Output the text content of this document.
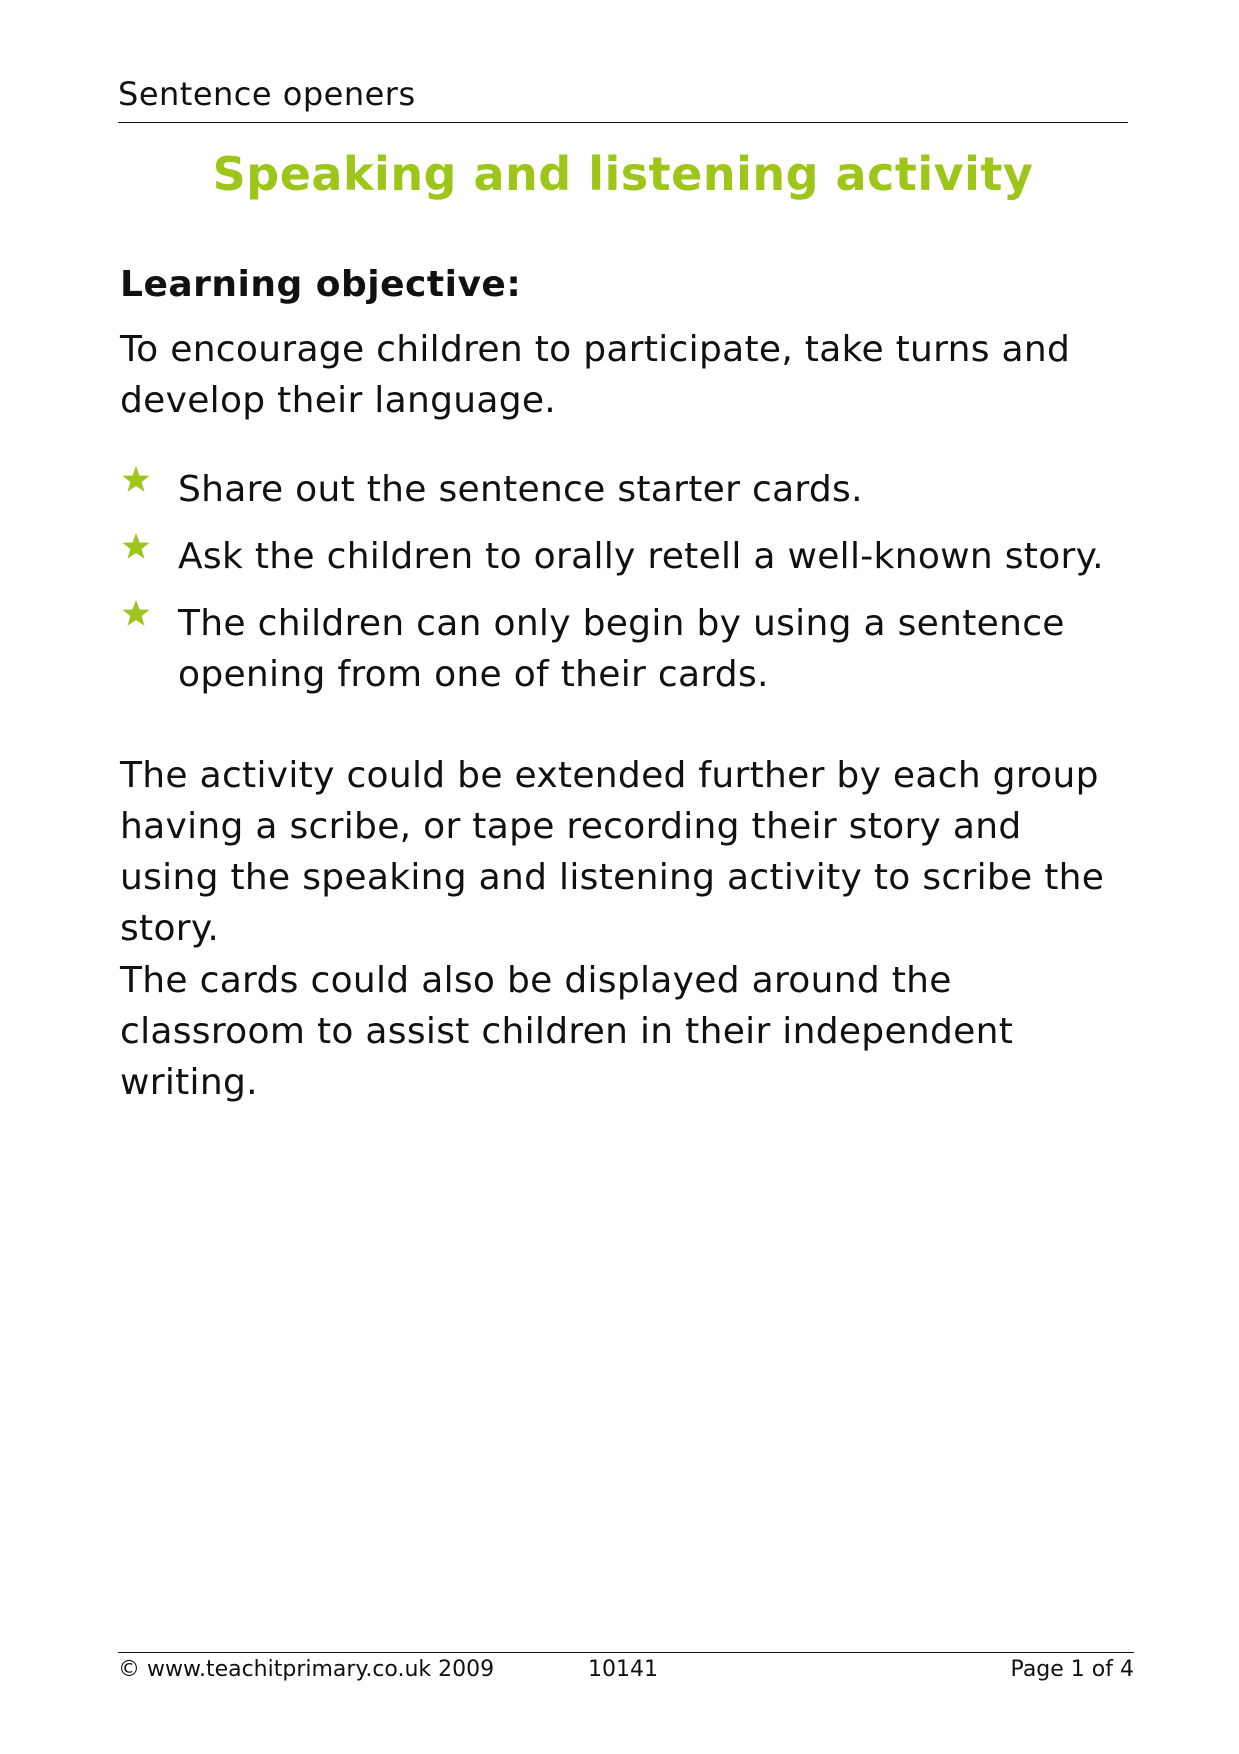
Sentence openers
Speaking and listening activity
Learning objective:
To encourage children to participate, take turns and develop their language.
Share out the sentence starter cards.
Ask the children to orally retell a well-known story.
The children can only begin by using a sentence opening from one of their cards.
The activity could be extended further by each group having a scribe, or tape recording their story and using the speaking and listening activity to scribe the story.
The cards could also be displayed around the classroom to assist children in their independent writing.
© www.teachitprimary.co.uk 2009	10141	Page 1 of 4
